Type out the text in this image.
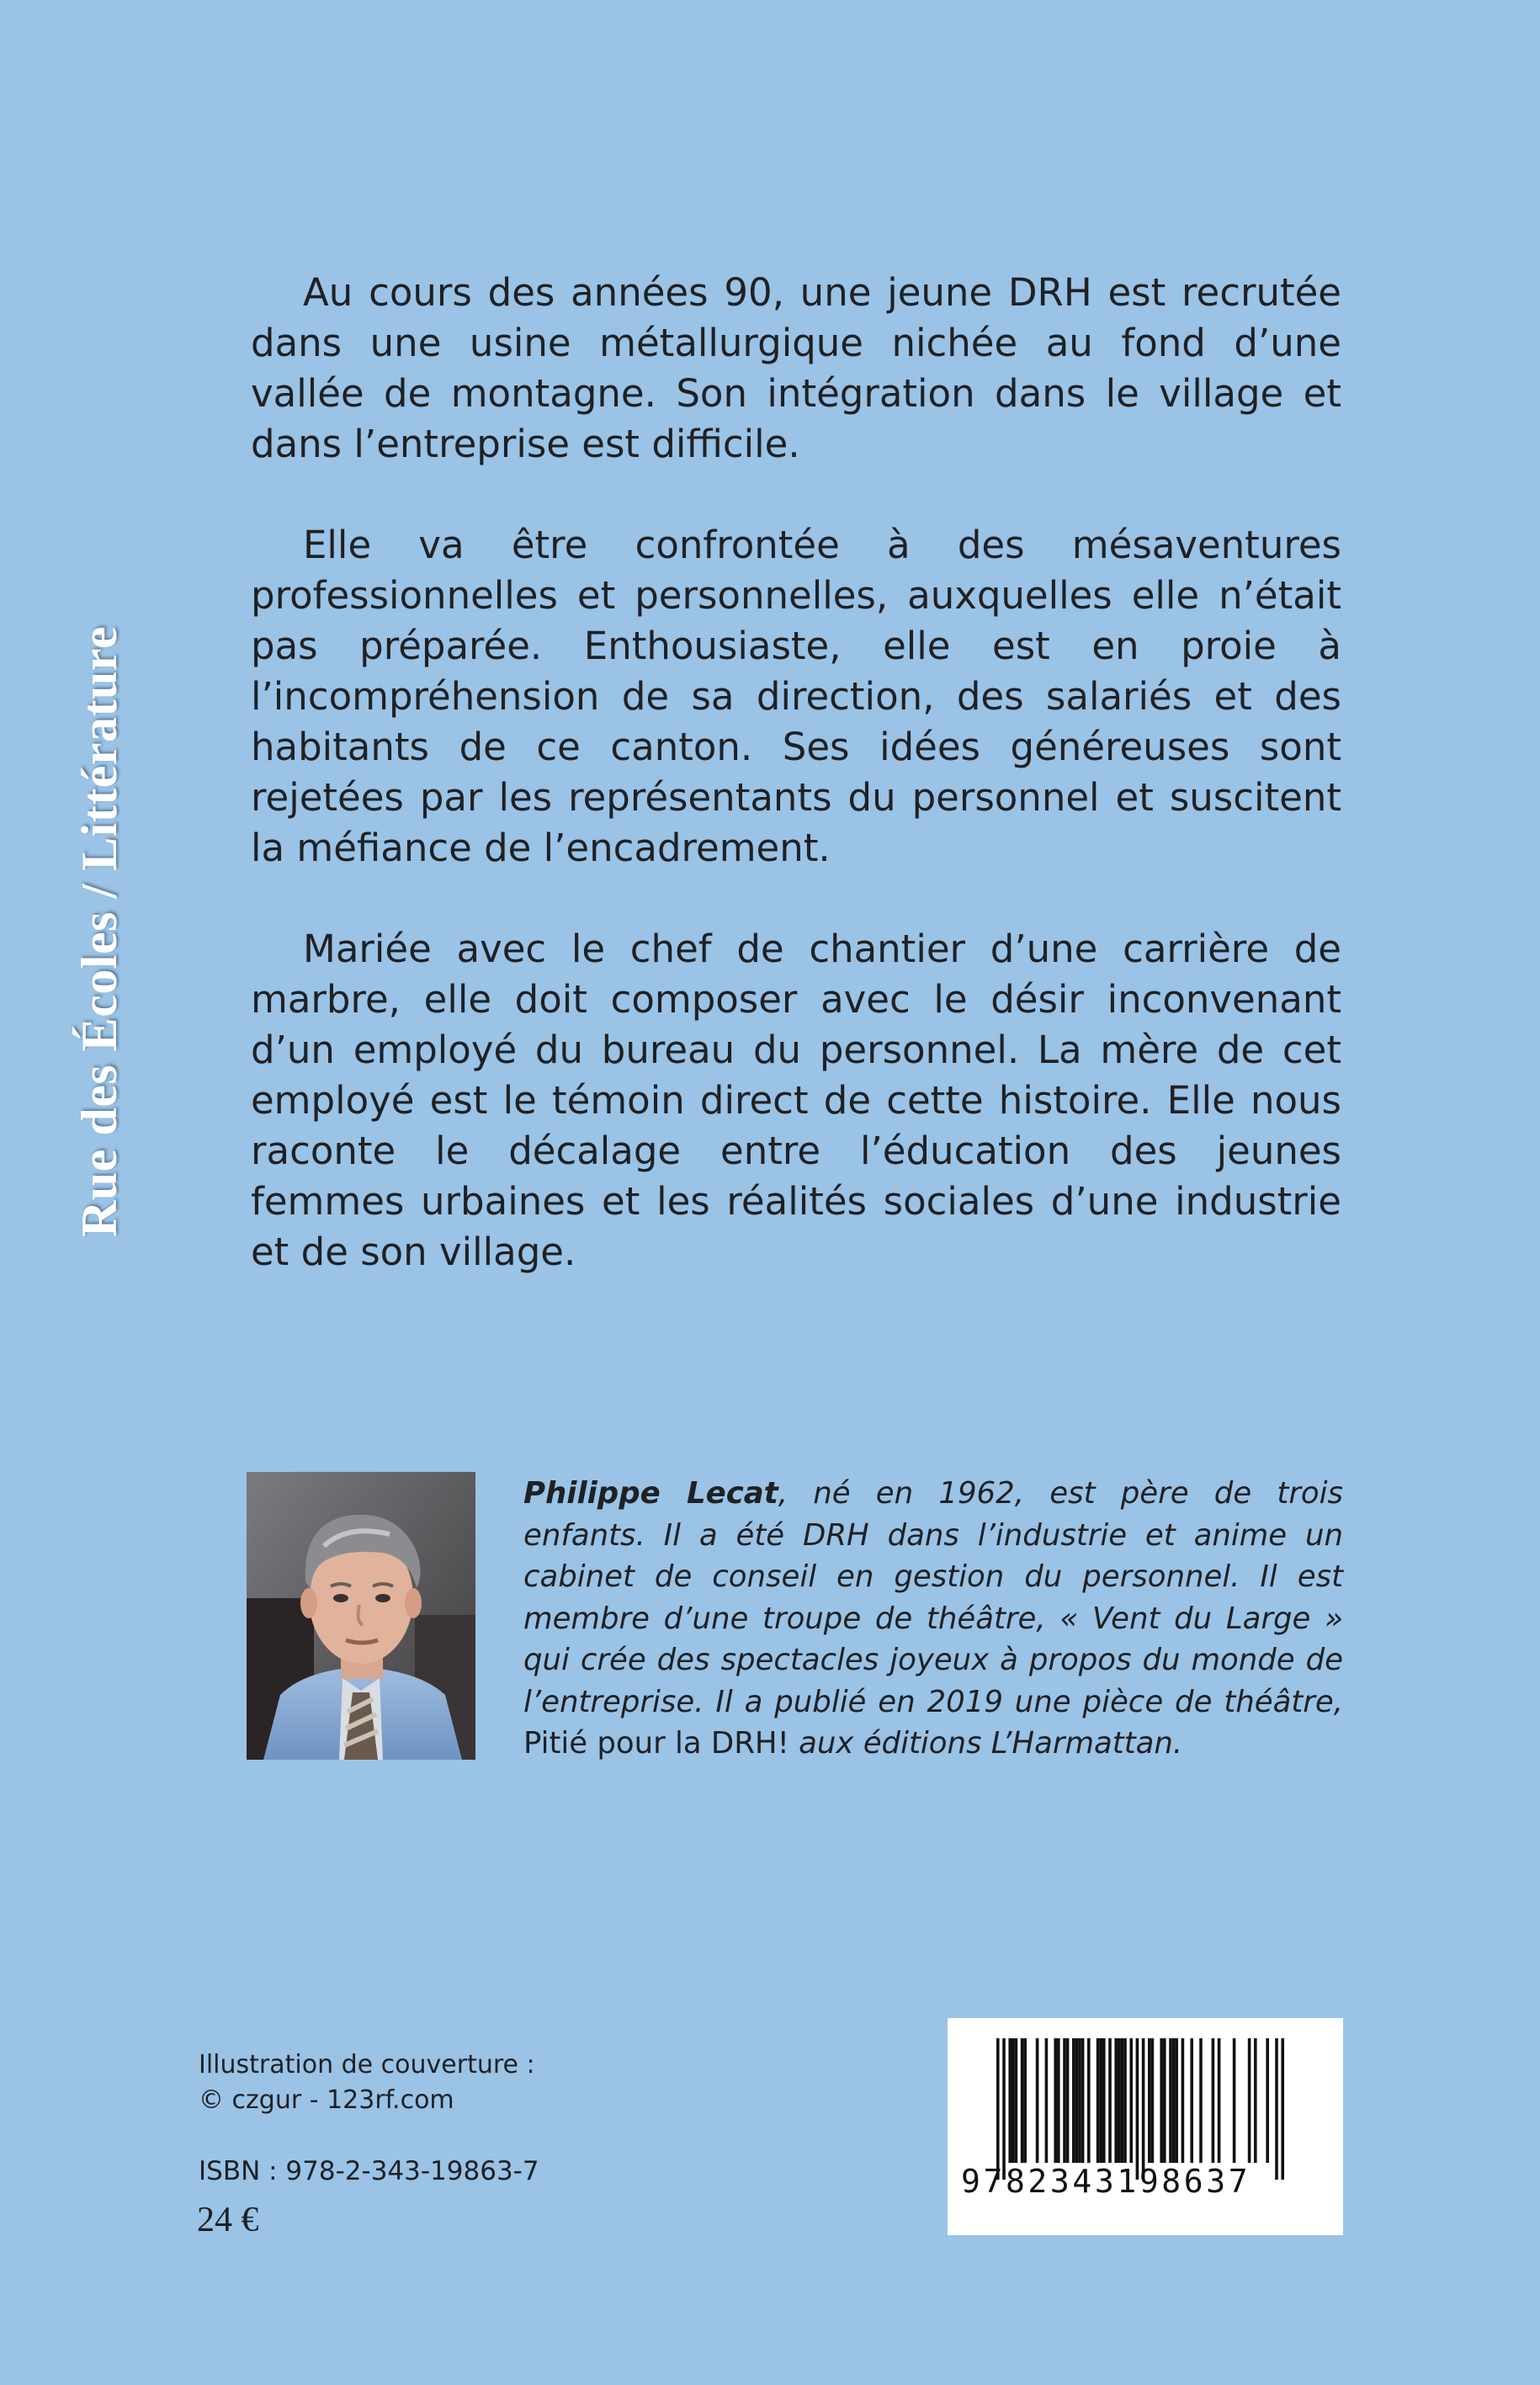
Rue des Écoles / Littérature

Au cours des années 90, une jeune DRH est recrutée dans une usine métallurgique nichée au fond d’une vallée de montagne. Son intégration dans le village et dans l’entreprise est difficile.

Elle va être confrontée à des mésaventures professionnelles et personnelles, auxquelles elle n’était pas préparée. Enthousiaste, elle est en proie à l’incompréhension de sa direction, des salariés et des habitants de ce canton. Ses idées généreuses sont rejetées par les représentants du personnel et suscitent la méfiance de l’encadrement.

Mariée avec le chef de chantier d’une carrière de marbre, elle doit composer avec le désir inconvenant d’un employé du bureau du personnel. La mère de cet employé est le témoin direct de cette histoire. Elle nous raconte le décalage entre l’éducation des jeunes femmes urbaines et les réalités sociales d’une industrie et de son village.

Philippe Lecat, né en 1962, est père de trois enfants. Il a été DRH dans l’industrie et anime un cabinet de conseil en gestion du personnel. Il est membre d’une troupe de théâtre, « Vent du Large » qui crée des spectacles joyeux à propos du monde de l’entreprise. Il a publié en 2019 une pièce de théâtre, Pitié pour la DRH! aux éditions L’Harmattan.
Illustration de couverture :
© czgur - 123rf.com
ISBN : 978-2-343-19863-7
24 €
9782343198637
